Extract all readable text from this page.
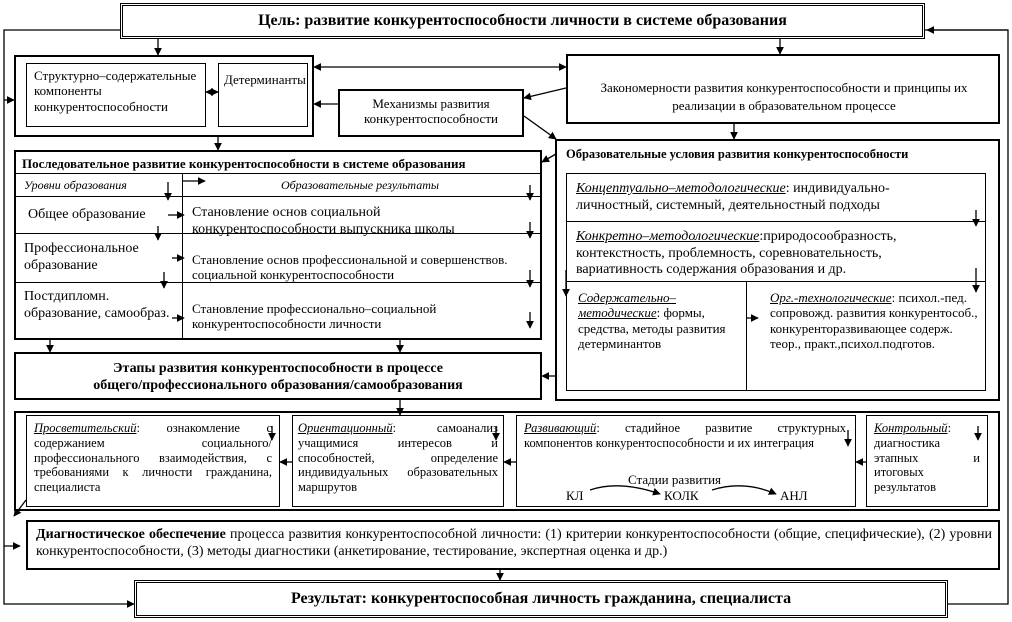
Цель: развитие конкурентоспособности личности в системе образования
Структурно–содержательные компоненты конкурентоспособности
Детерминанты
Механизмы развития конкурентоспособности
Закономерности развития конкурентоспособности и принципы их реализации в образовательном процессе
Последовательное развитие конкурентоспособности в системе образования
Уровни образования	Образовательные результаты
Общее образование	Становление основ социальной конкурентоспособности выпускника школы
Профессиональное образование	Становление основ профессиональной и совершенствов. социальной конкурентоспособности
Постдипломн. образование, самообраз.	Становление профессионально–социальной конкурентоспособности личности
Образовательные условия развития конкурентоспособности
Концептуально–методологические: индивидуально-личностный, системный, деятельностный подходы
Конкретно–методологические:природосообразность, контекстность, проблемность, соревновательность, вариативность содержания образования и др.
Содержательно–методические: формы, средства, методы развития детерминантов
Орг.-технологические: психол.-пед. сопровожд. развития конкурентособ., конкуренторазвивающее содерж. теор., практ.,психол.подготов.
Этапы развития конкурентоспособности в процессе
общего/профессионального образования/самообразования
Просветительский: ознакомление с содержанием социального/профессионального взаимодействия, с требованиями к личности гражданина, специалиста
Ориентационный: самоанализ учащимися интересов и способностей, определение индивидуальных образовательных маршрутов
Развивающий: стадийное развитие структурных компонентов конкурентоспособности и их интеграция
Контрольный: диагностика этапных и итоговых результатов
Стадии развития
КЛ	КОЛК	АНЛ
Диагностическое обеспечение процесса развития конкурентоспособной личности: (1) критерии конкурентоспособности (общие, специфические), (2) уровни конкурентоспособности, (3) методы диагностики (анкетирование, тестирование, экспертная оценка и др.)
Результат: конкурентоспособная личность гражданина, специалиста
